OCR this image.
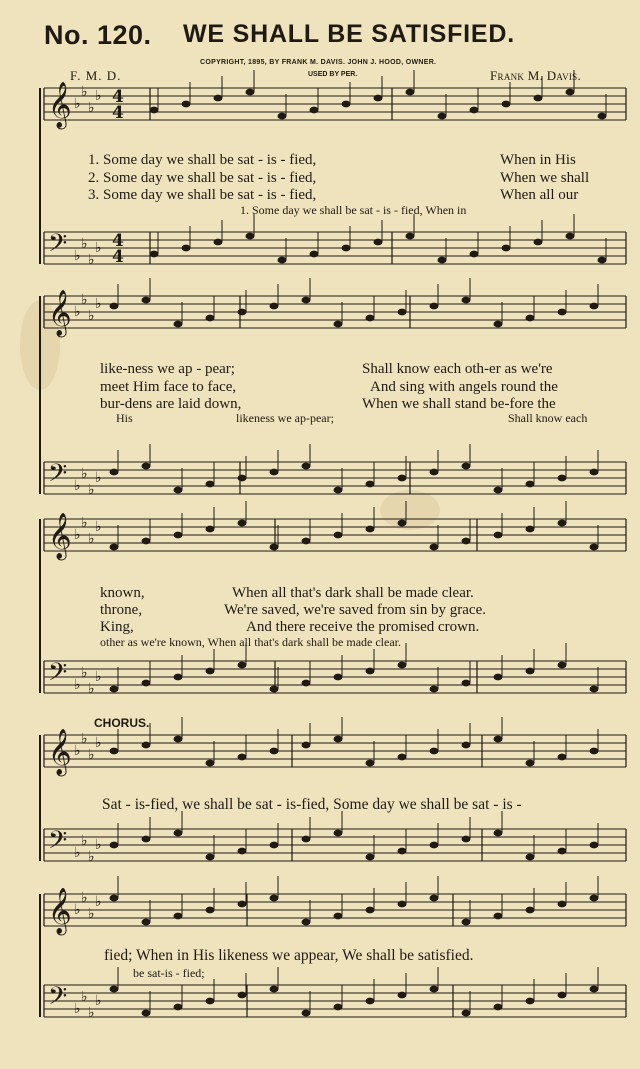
No. 120. WE SHALL BE SATISFIED.
F. M. D.
COPYRIGHT, 1895, BY FRANK M. DAVIS. JOHN J. HOOD, OWNER.
USED BY PER.	Frank M. Davis.
𝄞 ♭
♭
♭
♭
𝄢 ♭
♭
♭
♭
𝄞 ♭
♭
♭
♭
𝄢 ♭
♭
♭
♭
𝄞 ♭
♭
♭
♭
𝄢 ♭
♭
♭
♭
𝄞 ♭
♭
♭
♭
𝄢 ♭
♭
♭
♭
𝄞 ♭
♭
♭
♭
𝄢 ♭
♭
♭
♭
4
4
4
4
1. Some day we shall be sat - is - fied,
2. Some day we shall be sat - is - fied,
3. Some day we shall be sat - is - fied,
When in His
When we shall
When all our
1. Some day we shall be sat - is - fied, When in
like-ness we ap - pear;
meet Him face to face,
bur-dens are laid down,
Shall know each oth-er as we're
And sing with angels round the
When we shall stand be-fore the
His	likeness we ap-pear;	Shall know each
known,
throne,
King,
When all that's dark shall be made clear.
We're saved, we're saved from sin by grace.
And there receive the promised crown.
other as we're known, When all that's dark shall be made clear.
CHORUS.
Sat - is-fied, we shall be sat - is-fied, Some day we shall be sat - is -
fied; When in His likeness we appear, We shall be satisfied.
be sat-is - fied;
